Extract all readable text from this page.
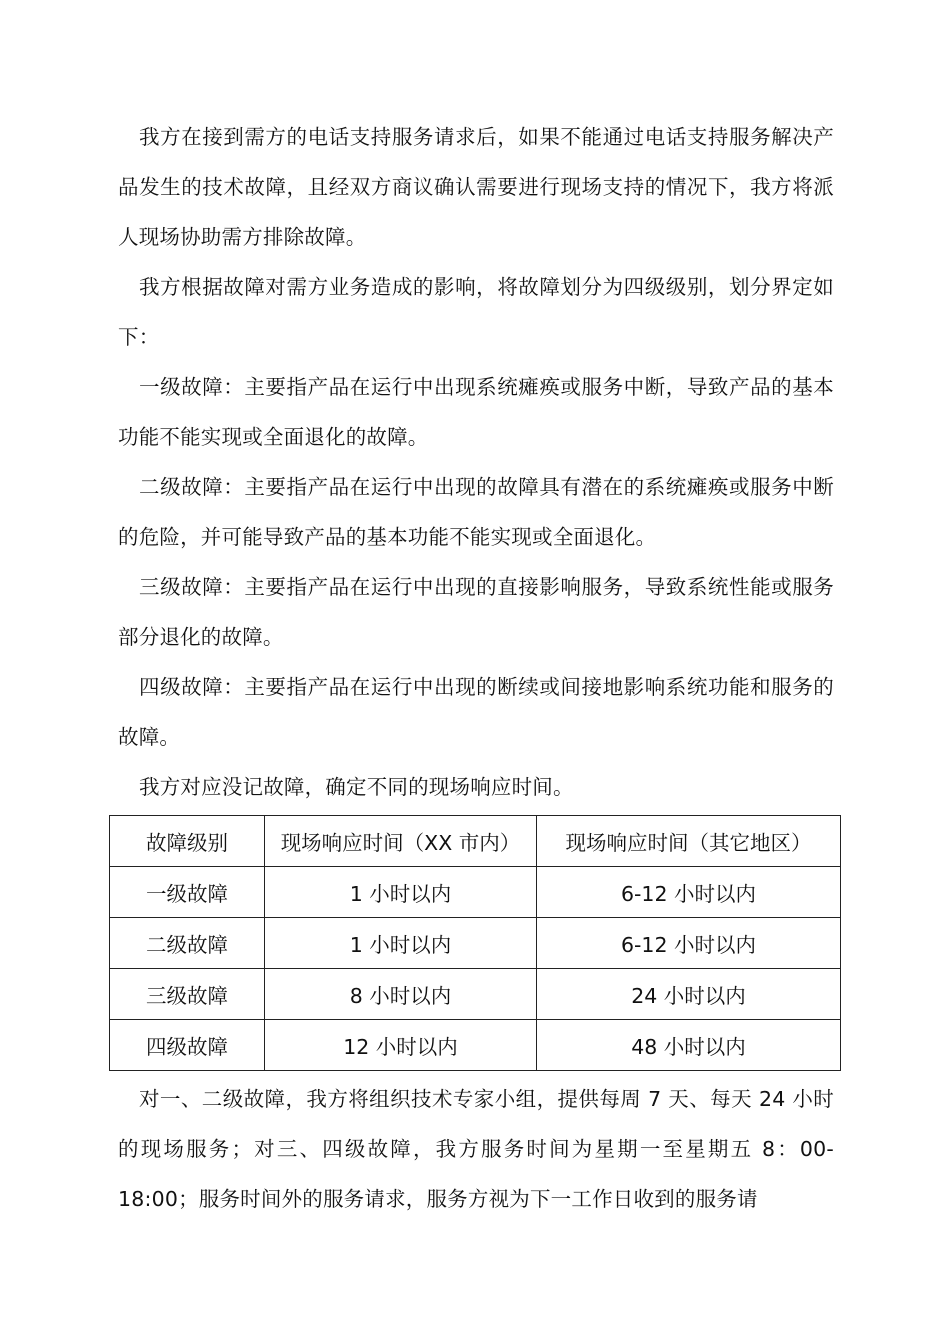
我方在接到需方的电话支持服务请求后，如果不能通过电话支持服务解决产品发生的技术故障，且经双方商议确认需要进行现场支持的情况下，我方将派人现场协助需方排除故障。

我方根据故障对需方业务造成的影响，将故障划分为四级级别，划分界定如下：

一级故障：主要指产品在运行中出现系统瘫痪或服务中断，导致产品的基本功能不能实现或全面退化的故障。

二级故障：主要指产品在运行中出现的故障具有潜在的系统瘫痪或服务中断的危险，并可能导致产品的基本功能不能实现或全面退化。

三级故障：主要指产品在运行中出现的直接影响服务，导致系统性能或服务部分退化的故障。

四级故障：主要指产品在运行中出现的断续或间接地影响系统功能和服务的故障。

我方对应没记故障，确定不同的现场响应时间。

故障级别	现场响应时间（XX 市内）	现场响应时间（其它地区）
一级故障	1 小时以内	6-12 小时以内
二级故障	1 小时以内	6-12 小时以内
三级故障	8 小时以内	24 小时以内
四级故障	12 小时以内	48 小时以内

对一、二级故障，我方将组织技术专家小组，提供每周 7 天、每天 24 小时的现场服务；对三、四级故障，我方服务时间为星期一至星期五 8：00-18:00；服务时间外的服务请求，服务方视为下一工作日收到的服务请
